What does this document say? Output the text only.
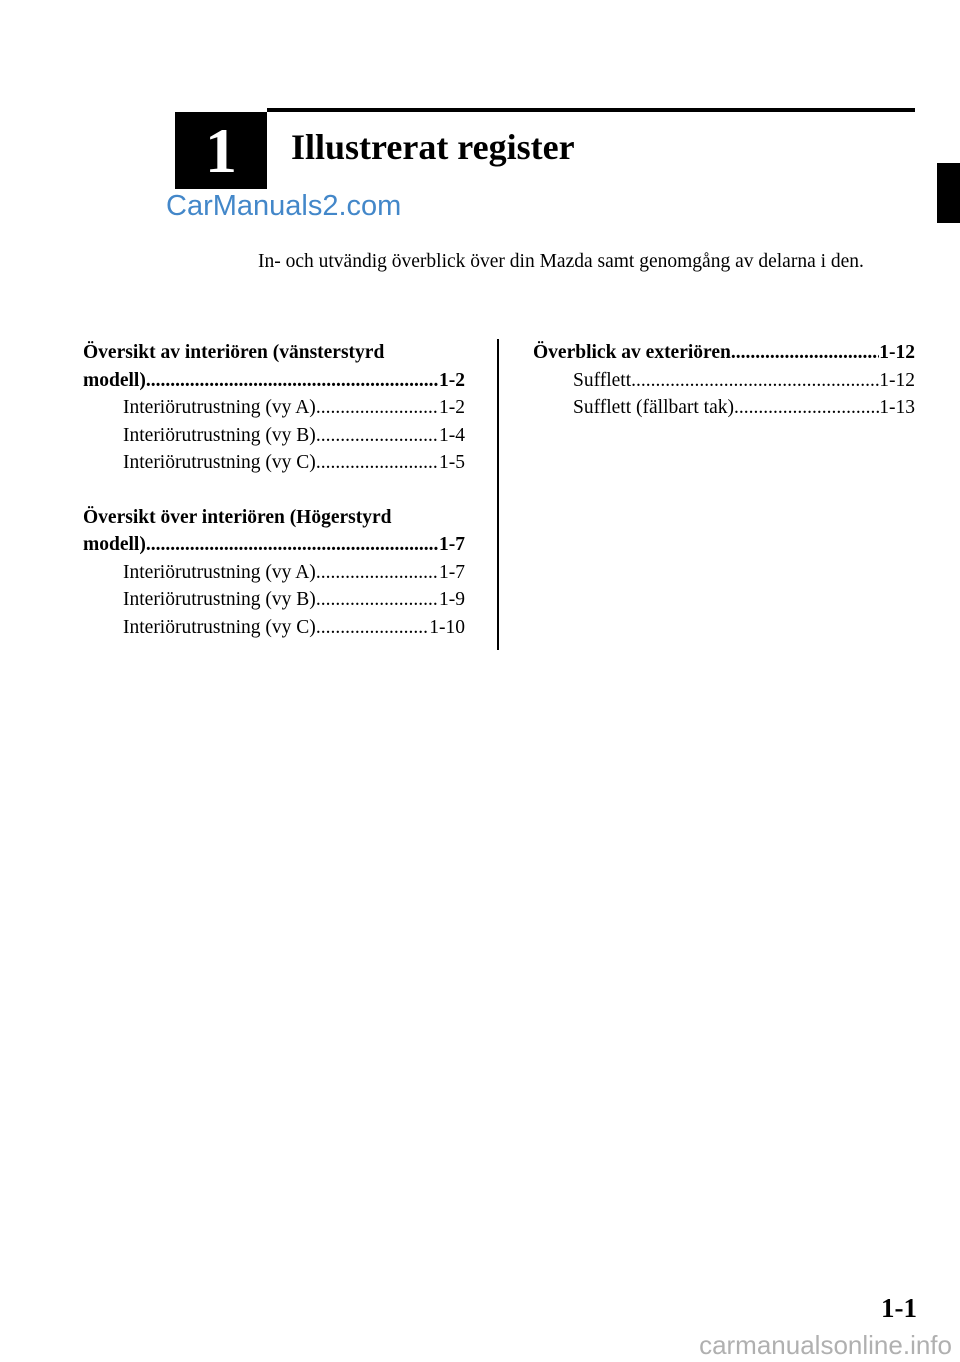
1 Illustrerat register
CarManuals2.com
In- och utvändig överblick över din Mazda samt genomgång av delarna i den.
Översikt av interiören (vänsterstyrd
modell) .....	1-2
Interiörutrustning (vy A) .....	1-2
Interiörutrustning (vy B) .....	1-4
Interiörutrustning (vy C) .....	1-5
Översikt över interiören (Högerstyrd
modell) .....	1-7
Interiörutrustning (vy A) .....	1-7
Interiörutrustning (vy B) .....	1-9
Interiörutrustning (vy C) .....	1-10
Överblick av exteriören .....	1-12
Sufflett .....	1-12
Sufflett (fällbart tak) .....	1-13
1-1
carmanualsonline.info
